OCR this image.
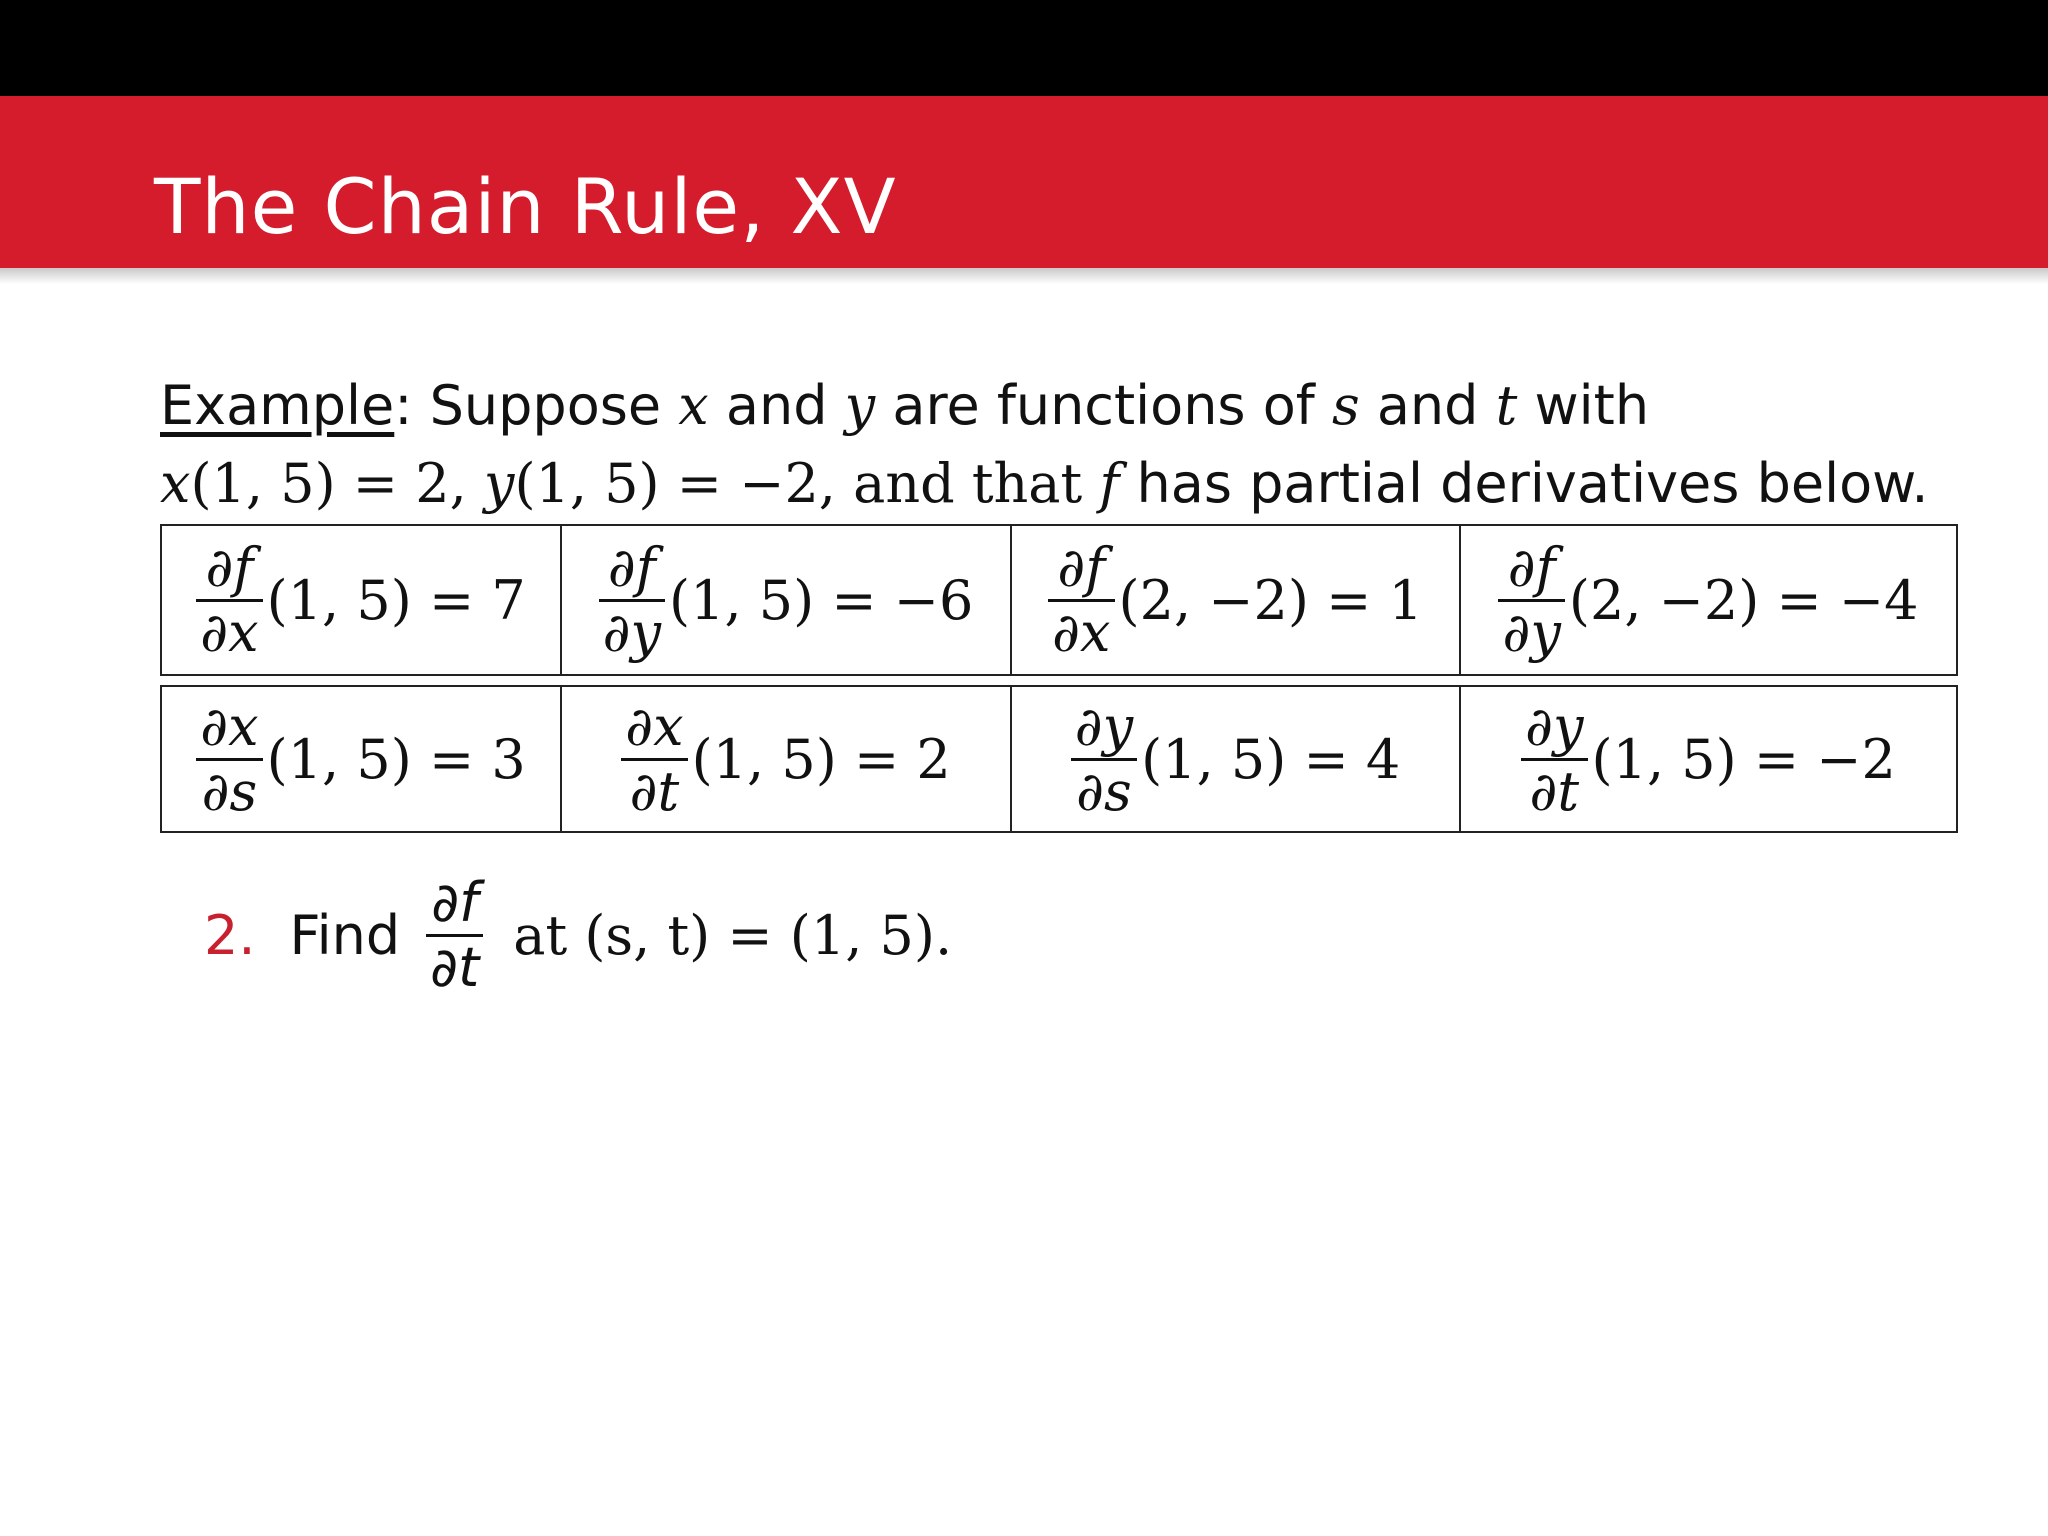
The Chain Rule, XV
Example: Suppose x and y are functions of s and t with
x(1, 5) = 2, y(1, 5) = −2, and that f has partial derivatives below.
$\frac{\partial f}{\partial x} (1$, $5) = 7 \frac{\partial f}{\partial y} (1$, $5) = -6 \frac{\partial f}{\partial x} (2$, $-2) = 1 \frac{\partial f}{\partial y} (2$, −2) = −4
$\frac{\partial x}{\partial s} (1$, $5) = 3 \frac{\partial x}{\partial t} (1$, $5) = 2 \frac{\partial y}{\partial s} (1$, $5) = 4 \frac{\partial y}{\partial t} (1$, 5) = −2
2. Find $\frac{\partial f}{\partial t}$ at (s, t) = (1, 5).
